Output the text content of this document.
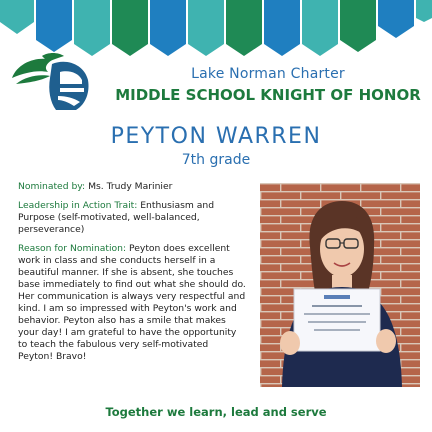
Lake Norman Charter
MIDDLE SCHOOL KNIGHT OF HONOR
PEYTON WARREN
7th grade

Nominated by: Ms. Trudy Marinier

Leadership in Action Trait: Enthusiasm and Purpose (self-motivated, well-balanced, perseverance)

Reason for Nomination: Peyton does excellent work in class and she conducts herself in a beautiful manner. If she is absent, she touches base immediately to find out what she should do. Her communication is always very respectful and kind. I am so impressed with Peyton's work and behavior. Peyton also has a smile that makes your day! I am grateful to have the opportunity to teach the fabulous very self-motivated Peyton! Bravo!

Together we learn, lead and serve
